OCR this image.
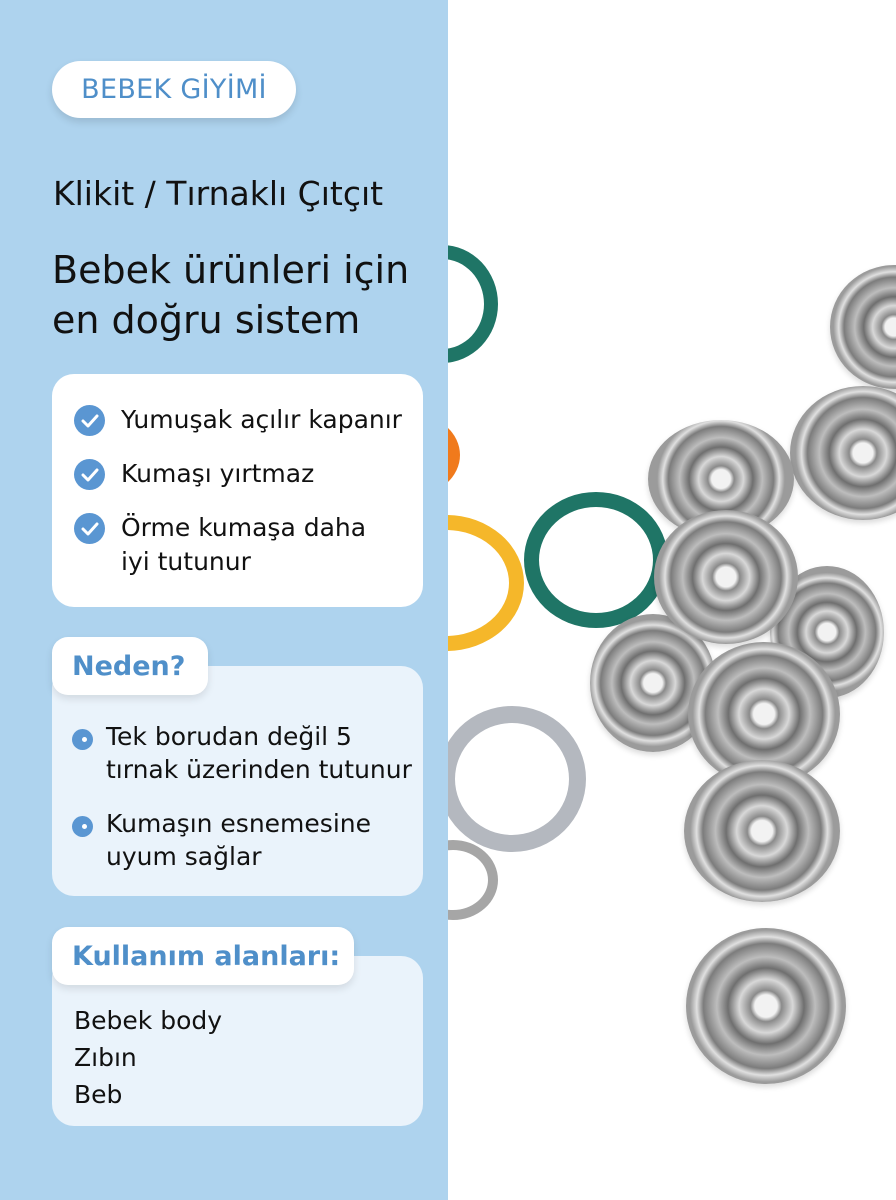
BEBEK GİYİMİ
Klikit / Tırnaklı Çıtçıt
Bebek ürünleri için
en doğru sistem
Yumuşak açılır kapanır
Kumaşı yırtmaz
Örme kumaşa daha
iyi tutunur
Tek borudan değil 5
tırnak üzerinden tutunur
Kumaşın esnemesine
uyum sağlar
Neden?
Bebek body
Zıbın
Beb
Kullanım alanları:
